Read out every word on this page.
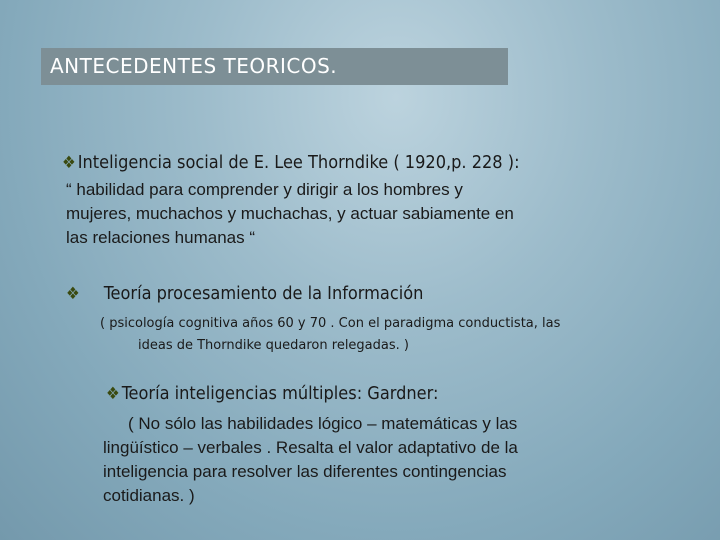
ANTECEDENTES TEORICOS.
❖ Inteligencia social de E. Lee Thorndike ( 1920,p. 228 ):
“ habilidad para comprender y dirigir a los hombres y
mujeres, muchachos y muchachas, y actuar sabiamente en
las relaciones humanas “
❖ Teoría procesamiento de la Información
( psicología cognitiva años 60 y 70 . Con el paradigma conductista, las
ideas de Thorndike quedaron relegadas. )
❖ Teoría inteligencias múltiples: Gardner:
( No sólo las habilidades lógico – matemáticas y las
lingüístico – verbales . Resalta el valor adaptativo de la
inteligencia para resolver las diferentes contingencias
cotidianas. )
